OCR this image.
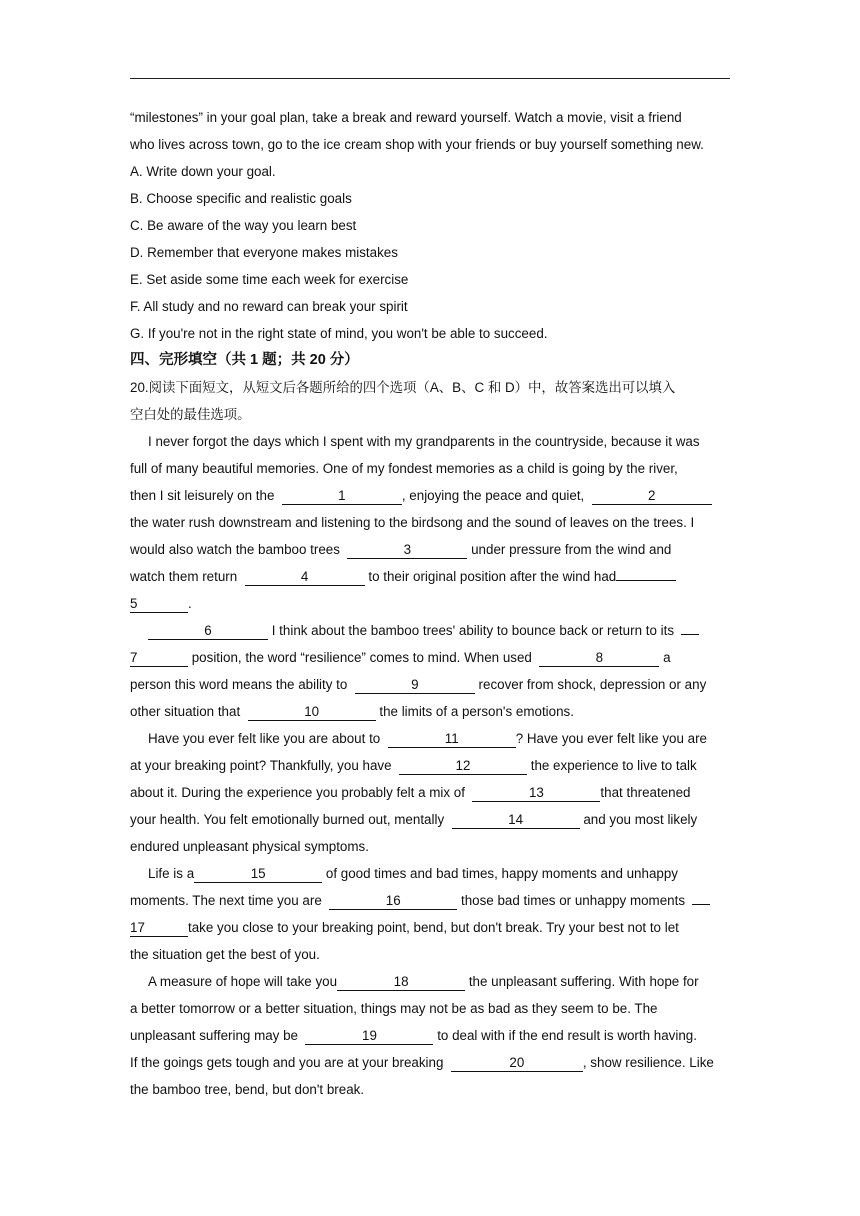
“milestones” in your goal plan, take a break and reward yourself. Watch a movie, visit a friend
who lives across town, go to the ice cream shop with your friends or buy yourself something new.
A. Write down your goal.
B. Choose specific and realistic goals
C. Be aware of the way you learn best
D. Remember that everyone makes mistakes
E. Set aside some time each week for exercise
F. All study and no reward can break your spirit
G. If you're not in the right state of mind, you won't be able to succeed.
四、完形填空（共 1 题；共 20 分）
20.阅读下面短文，从短文后各题所给的四个选项（A、B、C 和 D）中，故答案选出可以填入
空白处的最佳选项。
I never forgot the days which I spent with my grandparents in the countryside, because it was
full of many beautiful memories. One of my fondest memories as a child is going by the river,
then I sit leisurely on the	1	, enjoying the peace and quiet,	2
the water rush downstream and listening to the birdsong and the sound of leaves on the trees. I
would also watch the bamboo trees	3	under pressure from the wind and
watch them return	4	to their original position after the wind had
5	.
6	I think about the bamboo trees' ability to bounce back or return to its
7	position, the word “resilience” comes to mind. When used	8	a
person this word means the ability to	9	recover from shock, depression or any
other situation that	10	the limits of a person's emotions.
Have you ever felt like you are about to	11	? Have you ever felt like you are
at your breaking point? Thankfully, you have	12	the experience to live to talk
about it. During the experience you probably felt a mix of	13	that threatened
your health. You felt emotionally burned out, mentally	14	and you most likely
endured unpleasant physical symptoms.
Life is a	15	of good times and bad times, happy moments and unhappy
moments. The next time you are	16	those bad times or unhappy moments
17	take you close to your breaking point, bend, but don't break. Try your best not to let
the situation get the best of you.
A measure of hope will take you	18	the unpleasant suffering. With hope for
a better tomorrow or a better situation, things may not be as bad as they seem to be. The
unpleasant suffering may be	19	to deal with if the end result is worth having.
If the goings gets tough and you are at your breaking	20	, show resilience. Like
the bamboo tree, bend, but don't break.
